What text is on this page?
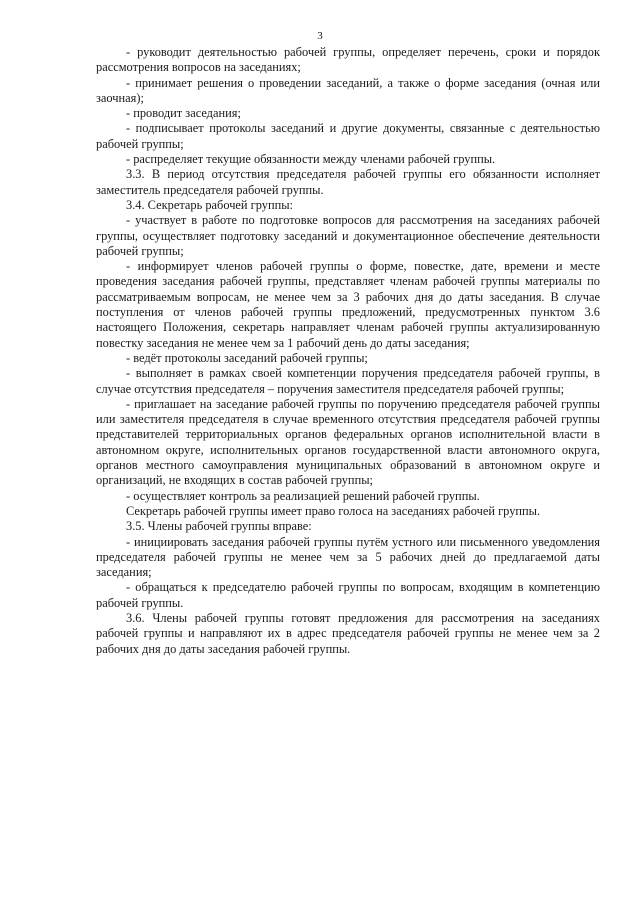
3

- руководит деятельностью рабочей группы, определяет перечень, сроки и порядок рассмотрения вопросов на заседаниях;

- принимает решения о проведении заседаний, а также о форме заседания (очная или заочная);

- проводит заседания;

- подписывает протоколы заседаний и другие документы, связанные с деятельностью рабочей группы;

- распределяет текущие обязанности между членами рабочей группы.

3.3. В период отсутствия председателя рабочей группы его обязанности исполняет заместитель председателя рабочей группы.

3.4. Секретарь рабочей группы:

- участвует в работе по подготовке вопросов для рассмотрения на заседаниях рабочей группы, осуществляет подготовку заседаний и документационное обеспечение деятельности рабочей группы;

- информирует членов рабочей группы о форме, повестке, дате, времени и месте проведения заседания рабочей группы, представляет членам рабочей группы материалы по рассматриваемым вопросам, не менее чем за 3 рабочих дня до даты заседания. В случае поступления от членов рабочей группы предложений, предусмотренных пунктом 3.6 настоящего Положения, секретарь направляет членам рабочей группы актуализированную повестку заседания не менее чем за 1 рабочий день до даты заседания;

- ведёт протоколы заседаний рабочей группы;

- выполняет в рамках своей компетенции поручения председателя рабочей группы, в случае отсутствия председателя – поручения заместителя председателя рабочей группы;

- приглашает на заседание рабочей группы по поручению председателя рабочей группы или заместителя председателя в случае временного отсутствия председателя рабочей группы представителей территориальных органов федеральных органов исполнительной власти в автономном округе, исполнительных органов государственной власти автономного округа, органов местного самоуправления муниципальных образований в автономном округе и организаций, не входящих в состав рабочей группы;

- осуществляет контроль за реализацией решений рабочей группы.

Секретарь рабочей группы имеет право голоса на заседаниях рабочей группы.

3.5. Члены рабочей группы вправе:

- инициировать заседания рабочей группы путём устного или письменного уведомления председателя рабочей группы не менее чем за 5 рабочих дней до предлагаемой даты заседания;

- обращаться к председателю рабочей группы по вопросам, входящим в компетенцию рабочей группы.

3.6. Члены рабочей группы готовят предложения для рассмотрения на заседаниях рабочей группы и направляют их в адрес председателя рабочей группы не менее чем за 2 рабочих дня до даты заседания рабочей группы.
